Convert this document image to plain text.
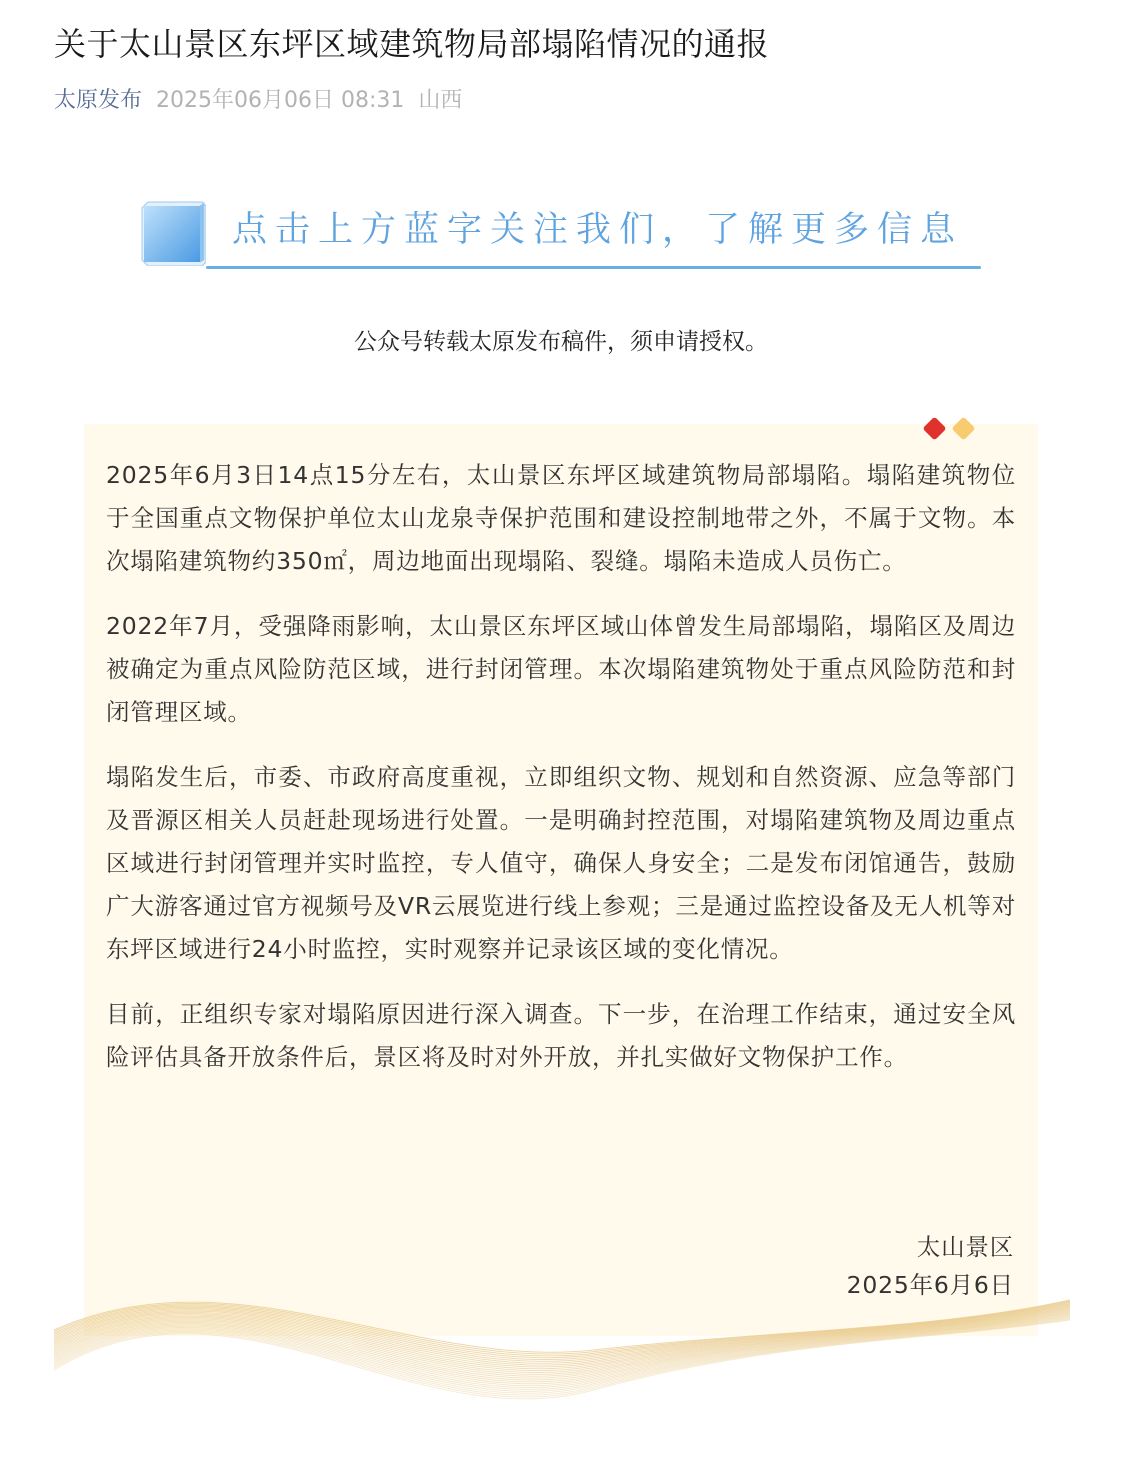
关于太山景区东坪区域建筑物局部塌陷情况的通报
太原发布 2025年06月06日 08:31 山西
点击上方蓝字关注我们，了解更多信息
公众号转载太原发布稿件，须申请授权。

2025年6月3日14点15分左右，太山景区东坪区域建筑物局部塌陷。塌陷建筑物位于全国重点文物保护单位太山龙泉寺保护范围和建设控制地带之外，不属于文物。本次塌陷建筑物约350㎡，周边地面出现塌陷、裂缝。塌陷未造成人员伤亡。

2022年7月，受强降雨影响，太山景区东坪区域山体曾发生局部塌陷，塌陷区及周边被确定为重点风险防范区域，进行封闭管理。本次塌陷建筑物处于重点风险防范和封闭管理区域。

塌陷发生后，市委、市政府高度重视，立即组织文物、规划和自然资源、应急等部门及晋源区相关人员赶赴现场进行处置。一是明确封控范围，对塌陷建筑物及周边重点区域进行封闭管理并实时监控，专人值守，确保人身安全；二是发布闭馆通告，鼓励广大游客通过官方视频号及VR云展览进行线上参观；三是通过监控设备及无人机等对东坪区域进行24小时监控，实时观察并记录该区域的变化情况。

目前，正组织专家对塌陷原因进行深入调查。下一步，在治理工作结束，通过安全风险评估具备开放条件后，景区将及时对外开放，并扎实做好文物保护工作。

太山景区
2025年6月6日
